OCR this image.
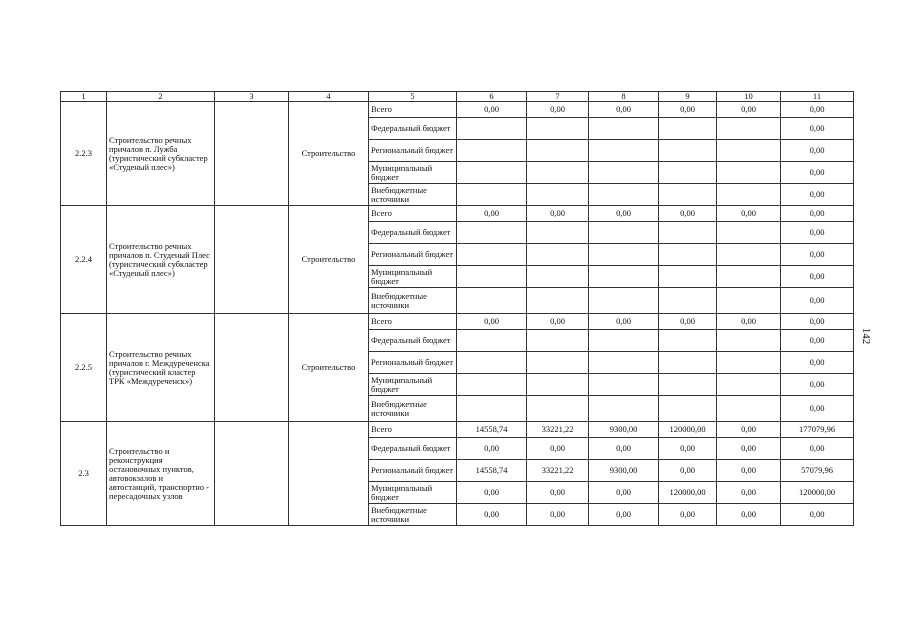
1	2	3	4	5	6	7	8	9	10	11
2.2.3	Строительство речных причалов п. Лужба (туристический субкластер «Студеный плес»)		Строительство	Всего	0,00	0,00	0,00	0,00	0,00	0,00
				Федеральный бюджет						0,00
				Региональный бюджет						0,00
				Муниципальный бюджет						0,00
				Внебюджетные источники						0,00
2.2.4	Строительство речных причалов п. Студеный Плес (туристический субкластер «Студеный плес»)		Строительство	Всего	0,00	0,00	0,00	0,00	0,00	0,00
				Федеральный бюджет						0,00
				Региональный бюджет						0,00
				Муниципальный бюджет						0,00
				Внебюджетные источники						0,00
2.2.5	Строительство речных причалов г. Междуреченска (туристический кластер ТРК «Междуреченск»)		Строительство	Всего	0,00	0,00	0,00	0,00	0,00	0,00
				Федеральный бюджет						0,00
				Региональный бюджет						0,00
				Муниципальный бюджет						0,00
				Внебюджетные источники						0,00
2.3	Строительство и реконструкция остановочных пунктов, автовокзалов и автостанций, транспортно - пересадочных узлов			Всего	14558,74	33221,22	9300,00	120000,00	0,00	177079,96
				Федеральный бюджет	0,00	0,00	0,00	0,00	0,00	0,00
				Региональный бюджет	14558,74	33221,22	9300,00	0,00	0,00	57079,96
				Муниципальный бюджет	0,00	0,00	0,00	120000,00	0,00	120000,00
				Внебюджетные источники	0,00	0,00	0,00	0,00	0,00	0,00
142
